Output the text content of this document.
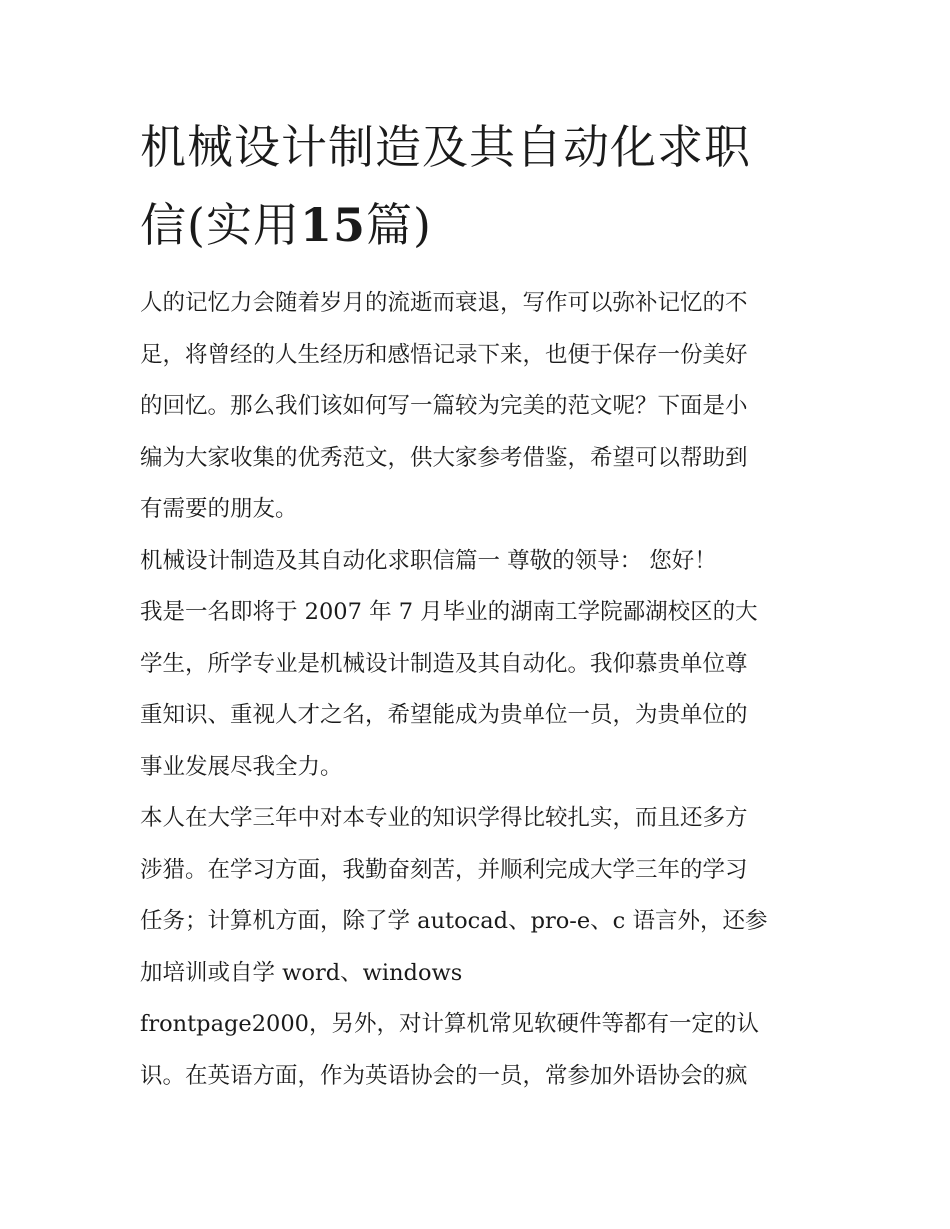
机械设计制造及其自动化求职
信(实用15篇)

人的记忆力会随着岁月的流逝而衰退，写作可以弥补记忆的不
足，将曾经的人生经历和感悟记录下来，也便于保存一份美好
的回忆。那么我们该如何写一篇较为完美的范文呢？下面是小
编为大家收集的优秀范文，供大家参考借鉴，希望可以帮助到
有需要的朋友。

机械设计制造及其自动化求职信篇一 尊敬的领导： 您好！

我是一名即将于 2007 年 7 月毕业的湖南工学院鄙湖校区的大
学生，所学专业是机械设计制造及其自动化。我仰慕贵单位尊
重知识、重视人才之名，希望能成为贵单位一员，为贵单位的
事业发展尽我全力。

本人在大学三年中对本专业的知识学得比较扎实，而且还多方
涉猎。在学习方面，我勤奋刻苦，并顺利完成大学三年的学习
任务；计算机方面，除了学 autocad、pro-e、c 语言外，还参
加培训或自学 word、windows
frontpage2000，另外，对计算机常见软硬件等都有一定的认
识。在英语方面，作为英语协会的一员，常参加外语协会的疯
